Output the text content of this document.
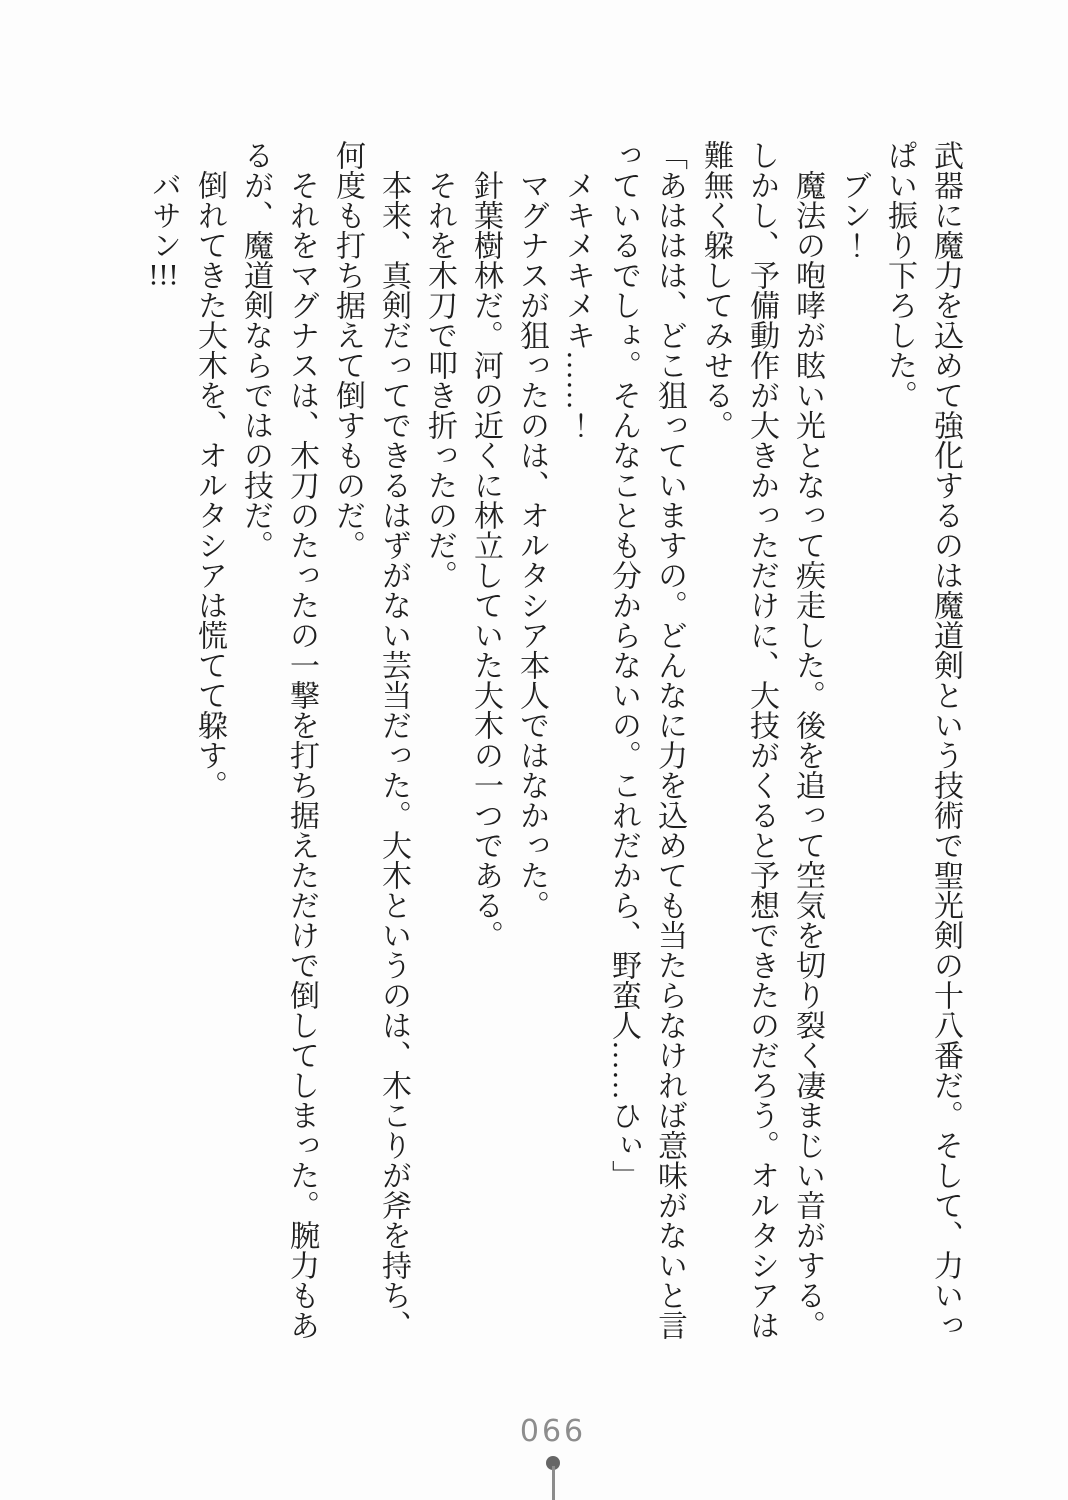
武器に魔力を込めて強化するのは魔道剣という技術で聖光剣の十八番だ。そして、力いっぱい振り下ろした。

ブン！

魔法の咆哮が眩い光となって疾走した。後を追って空気を切り裂く凄まじい音がする。しかし、予備動作が大きかっただけに、大技がくると予想できたのだろう。オルタシアは難無く躱してみせる。

「あははは、どこ狙っていますの。どんなに力を込めても当たらなければ意味がないと言っているでしょ。そんなことも分からないの。これだから、野蛮人……ひぃ」

メキメキメキ……！

マグナスが狙ったのは、オルタシア本人ではなかった。

針葉樹林だ。河の近くに林立していた大木の一つである。

それを木刀で叩き折ったのだ。

本来、真剣だってできるはずがない芸当だった。大木というのは、木こりが斧を持ち、何度も打ち据えて倒すものだ。

それをマグナスは、木刀のたったの一撃を打ち据えただけで倒してしまった。腕力もあるが、魔道剣ならではの技だ。

倒れてきた大木を、オルタシアは慌てて躱す。

バサン!!!

066
